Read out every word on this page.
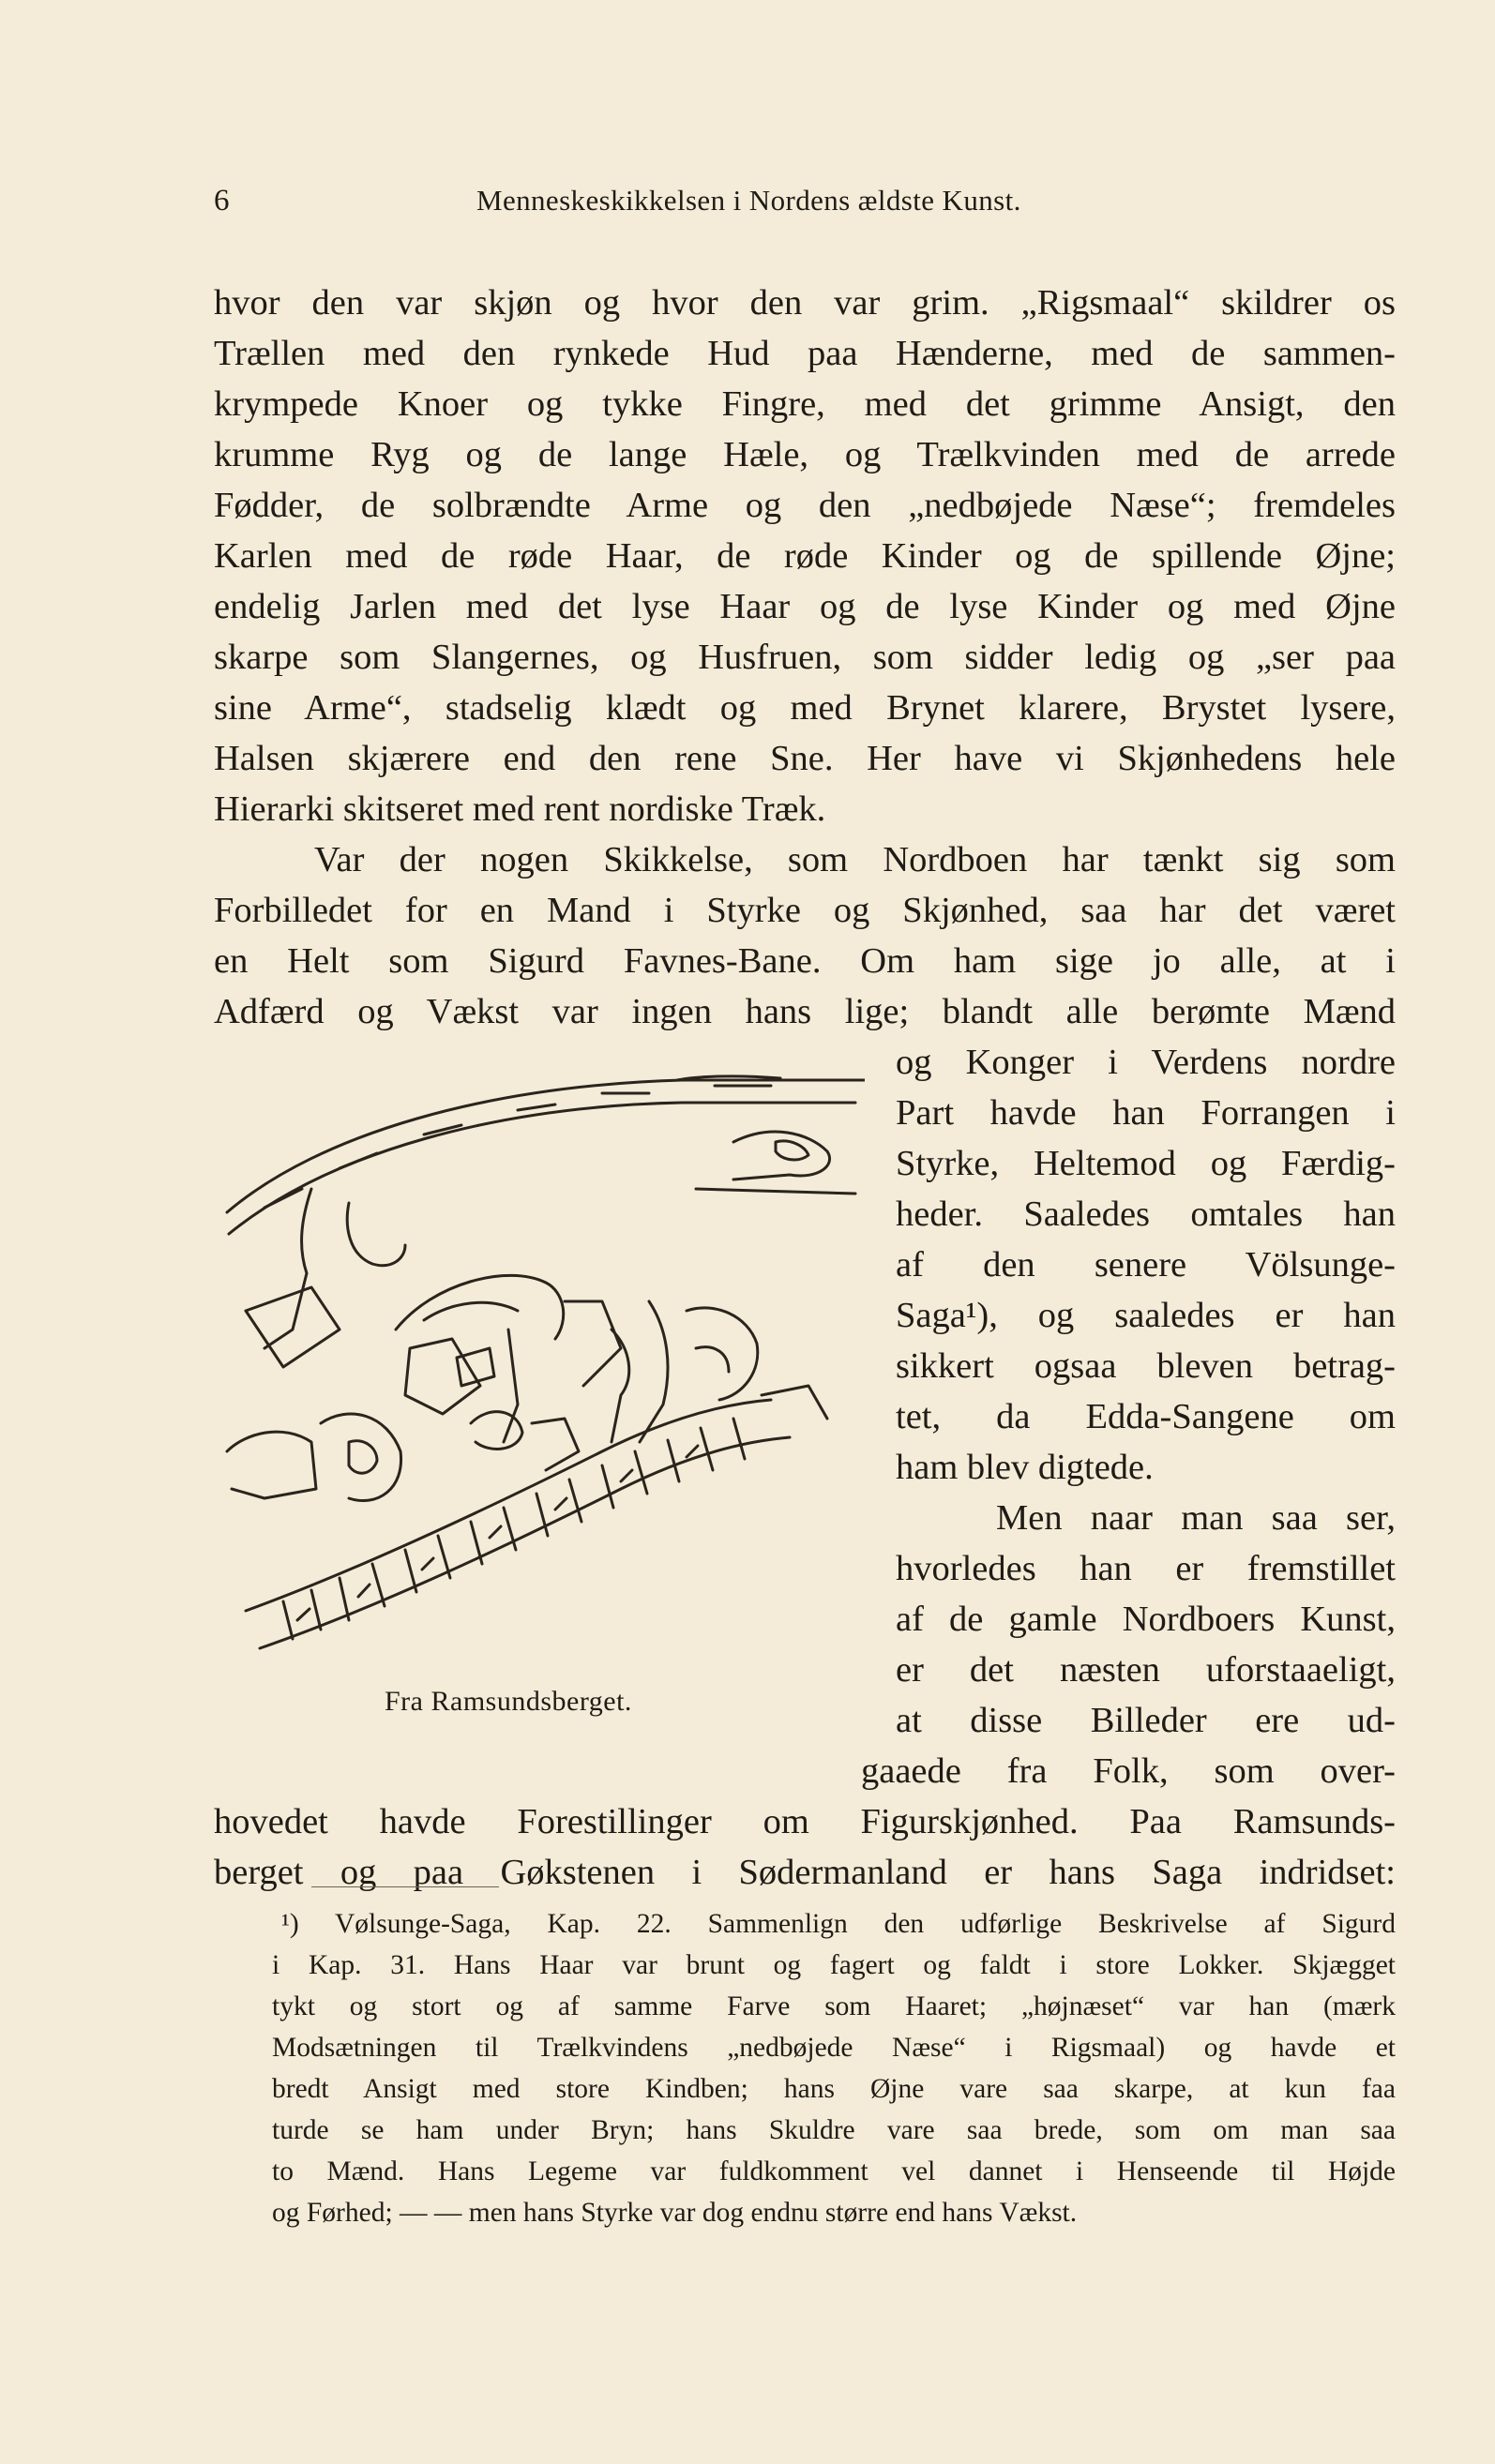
6	Menneskeskikkelsen i Nordens ældste Kunst.
hvor den var skjøn og hvor den var grim. „Rigsmaal“ skildrer os
Trællen med den rynkede Hud paa Hænderne, med de sammen-
krympede Knoer og tykke Fingre, med det grimme Ansigt, den
krumme Ryg og de lange Hæle, og Trælkvinden med de arrede
Fødder, de solbrændte Arme og den „nedbøjede Næse“; fremdeles
Karlen med de røde Haar, de røde Kinder og de spillende Øjne;
endelig Jarlen med det lyse Haar og de lyse Kinder og med Øjne
skarpe som Slangernes, og Husfruen, som sidder ledig og „ser paa
sine Arme“, stadselig klædt og med Brynet klarere, Brystet lysere,
Halsen skjærere end den rene Sne. Her have vi Skjønhedens hele
Hierarki skitseret med rent nordiske Træk.
Var der nogen Skikkelse, som Nordboen har tænkt sig som
Forbilledet for en Mand i Styrke og Skjønhed, saa har det været
en Helt som Sigurd Favnes-Bane. Om ham sige jo alle, at i
Adfærd og Vækst var ingen hans lige; blandt alle berømte Mænd
og Konger i Verdens nordre
Part havde han Forrangen i
Styrke, Heltemod og Færdig-
heder. Saaledes omtales han
af den senere Völsunge-
Saga¹), og saaledes er han
sikkert ogsaa bleven betrag-
tet, da Edda-Sangene om
ham blev digtede.
Men naar man saa ser,
hvorledes han er fremstillet
af de gamle Nordboers Kunst,
er det næsten uforstaaeligt,
at disse Billeder ere ud-
gaaede fra Folk, som over-
hovedet havde Forestillinger om Figurskjønhed. Paa Ramsunds-
berget og paa Gøkstenen i Sødermanland er hans Saga indridset:
Fra Ramsundsberget.
¹) Vølsunge-Saga, Kap. 22. Sammenlign den udførlige Beskrivelse af Sigurd
i Kap. 31. Hans Haar var brunt og fagert og faldt i store Lokker. Skjægget
tykt og stort og af samme Farve som Haaret; „højnæset“ var han (mærk
Modsætningen til Trælkvindens „nedbøjede Næse“ i Rigsmaal) og havde et
bredt Ansigt med store Kindben; hans Øjne vare saa skarpe, at kun faa
turde se ham under Bryn; hans Skuldre vare saa brede, som om man saa
to Mænd. Hans Legeme var fuldkomment vel dannet i Henseende til Højde
og Førhed; — — men hans Styrke var dog endnu større end hans Vækst.
